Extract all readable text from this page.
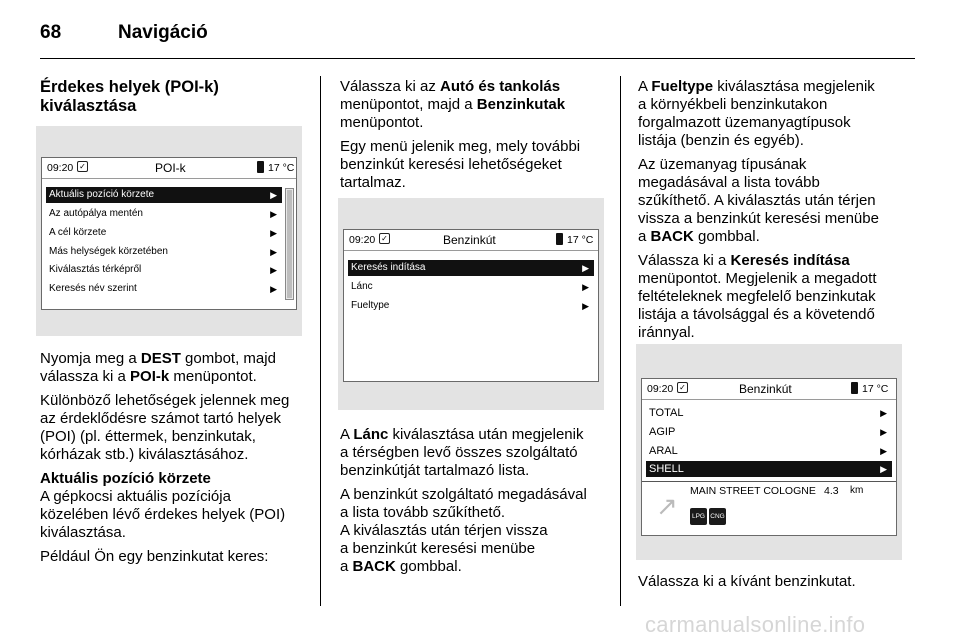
68	Navigáció
Érdekes helyek (POI-k)
kiválasztása
09:20 ✓	POI-k	17 °C
Aktuális pozíció körzete	▶
Az autópálya mentén	▶
A cél körzete	▶
Más helységek körzetében	▶
Kiválasztás térképről	▶
Keresés név szerint	▶

Nyomja meg a DEST gombot, majd
válassza ki a POI-k menüpontot.

Különböző lehetőségek jelennek meg
az érdeklődésre számot tartó helyek
(POI) (pl. éttermek, benzinkutak,
kórházak stb.) kiválasztásához.

Aktuális pozíció körzete

A gépkocsi aktuális pozíciója
közelében lévő érdekes helyek (POI)
kiválasztása.

Például Ön egy benzinkutat keres:

Válassza ki az Autó és tankolás
menüpontot, majd a Benzinkutak
menüpontot.

Egy menü jelenik meg, mely további
benzinkút keresési lehetőségeket
tartalmaz.

09:20 ✓	Benzinkút	17 °C
Keresés indítása	▶
Lánc	▶
Fueltype	▶

A Lánc kiválasztása után megjelenik
a térségben levő összes szolgáltató
benzinkútját tartalmazó lista.

A benzinkút szolgáltató megadásával
a lista tovább szűkíthető.
A kiválasztás után térjen vissza
a benzinkút keresési menübe
a BACK gombbal.

A Fueltype kiválasztása megjelenik
a környékbeli benzinkutakon
forgalmazott üzemanyagtípusok
listája (benzin és egyéb).

Az üzemanyag típusának
megadásával a lista tovább
szűkíthető. A kiválasztás után térjen
vissza a benzinkút keresési menübe
a BACK gombbal.

Válassza ki a Keresés indítása
menüpontot. Megjelenik a megadott
feltételeknek megfelelő benzinkutak
listája a távolsággal és a követendő
iránnyal.

09:20 ✓	Benzinkút	17 °C
TOTAL	▶
AGIP	▶
ARAL	▶
SHELL	▶
↗ MAIN STREET COLOGNE 4.3 km
LPG CNG

Válassza ki a kívánt benzinkutat.

carmanualsonline.info
